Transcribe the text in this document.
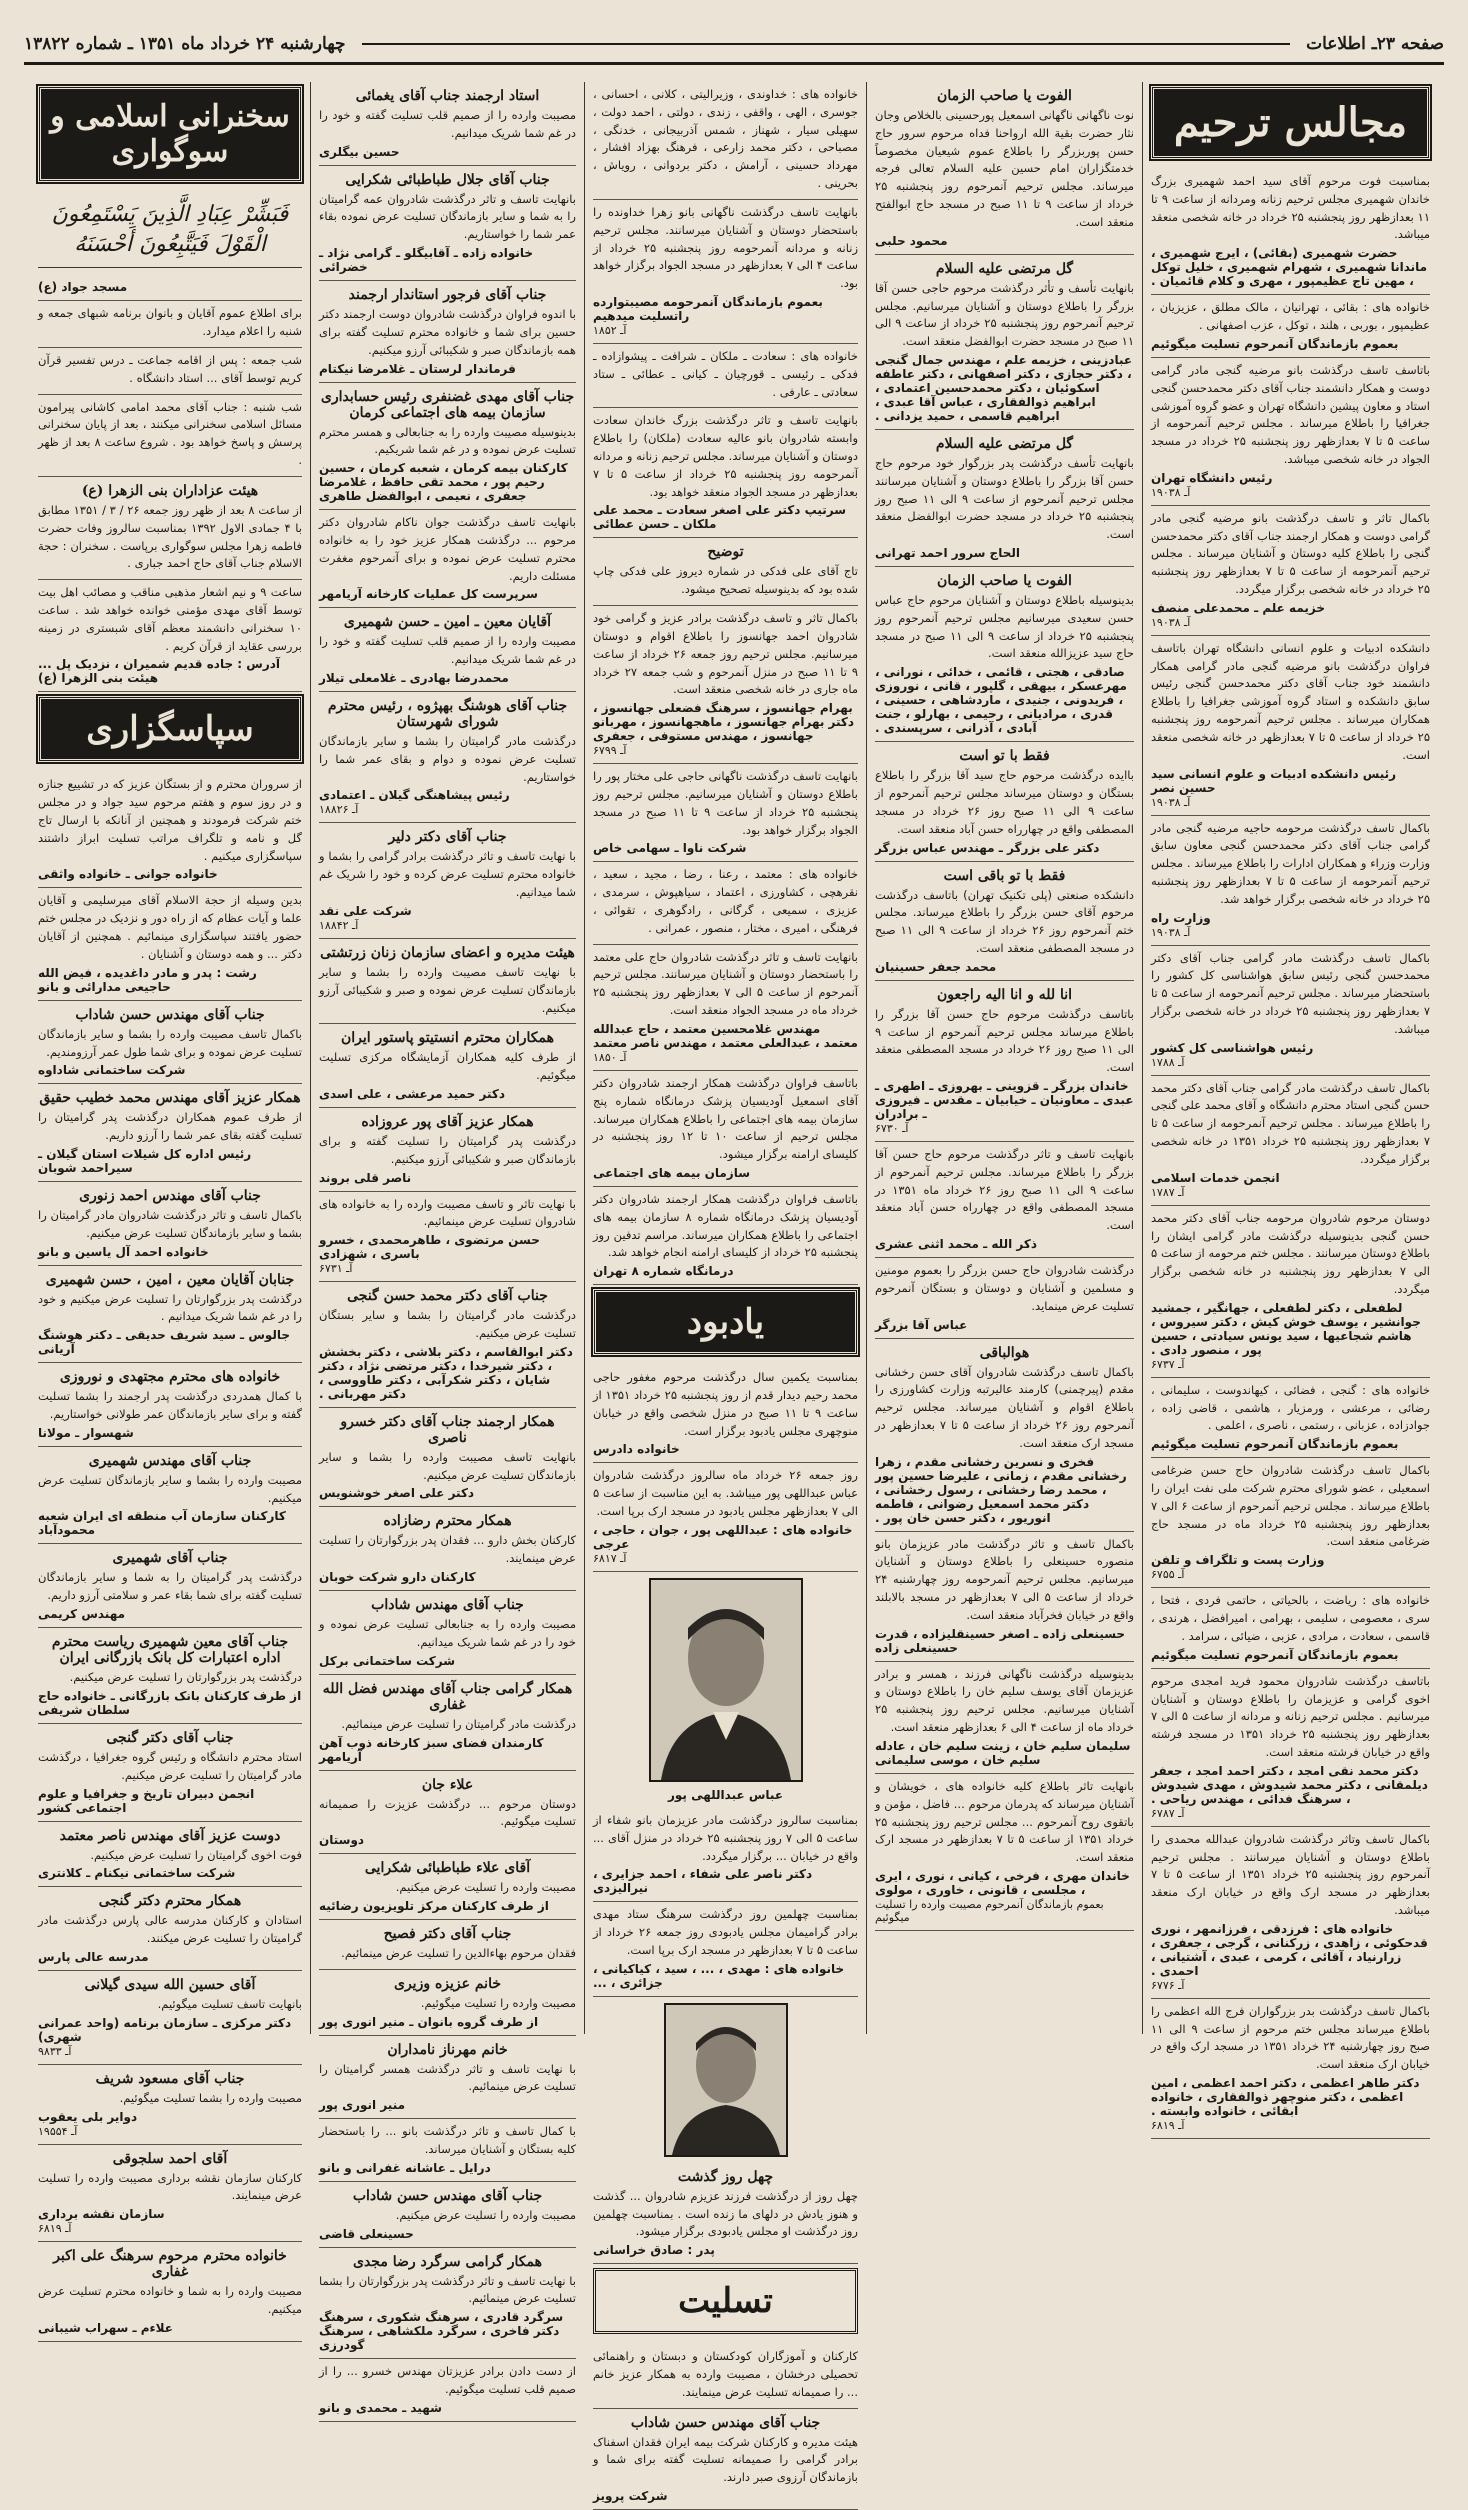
صفحه ۲۳ـ اطلاعات
چهارشنبه ۲۴ خرداد ماه ۱۳۵۱ ـ شماره ۱۳۸۲۲
مجالس ترحیم

بمناسبت فوت مرحوم آقای سید احمد شهمیری بزرگ خاندان شهمیری مجلس ترحیم زنانه ومردانه از ساعت ۹ تا ۱۱ بعدازظهر روز پنجشنبه ۲۵ خرداد در خانه شخصی منعقد میباشد.

حضرت شهمیری (بقائی) ، ایرج شهمیری ، ماندانا شهمیری ، شهرام شهمیری ، خلیل توکل ، مهین تاج عظیمپور ، مهری و کلام قائمیان .

خانواده های : بقائی ، تهرانیان ، مالک مطلق ، عزیزیان ، عظیمپور ، بوربی ، هلند ، توکل ، عزب اصفهانی .

بعموم بازماندگان آنمرحوم تسلیت میگوئیم

باتاسف تاسف درگذشت بانو مرضیه گنجی مادر گرامی دوست و همکار دانشمند جناب آقای دکتر محمدحسن گنجی استاد و معاون پیشین دانشگاه تهران و عضو گروه آموزشی جغرافیا را باطلاع میرساند . مجلس ترحیم آنمرحومه از ساعت ۵ تا ۷ بعدازظهر روز پنجشنبه ۲۵ خرداد در مسجد الجواد در خانه شخصی میباشد.

رئیس دانشگاه تهران
آـ ۱۹۰۳۸

باکمال تاثر و تاسف درگذشت بانو مرضیه گنجی مادر گرامی دوست و همکار ارجمند جناب آقای دکتر محمدحسن گنجی را باطلاع کلیه دوستان و آشنایان میرساند . مجلس ترحیم آنمرحومه از ساعت ۵ تا ۷ بعدازظهر روز پنجشنبه ۲۵ خرداد در خانه شخصی برگزار میگردد.

خزیمه علم ـ محمدعلی منصف
آـ ۱۹۰۳۸

دانشکده ادبیات و علوم انسانی دانشگاه تهران باتاسف فراوان درگذشت بانو مرضیه گنجی مادر گرامی همکار دانشمند خود جناب آقای دکتر محمدحسن گنجی رئیس سابق دانشکده و استاد گروه آموزشی جغرافیا را باطلاع همکاران میرساند . مجلس ترحیم آنمرحومه روز پنجشنبه ۲۵ خرداد از ساعت ۵ تا ۷ بعدازظهر در خانه شخصی منعقد است.

رئیس دانشکده ادبیات و علوم انسانی سید حسین نصر
آـ ۱۹۰۳۸

باکمال تاسف درگذشت مرحومه حاجیه مرضیه گنجی مادر گرامی جناب آقای دکتر محمدحسن گنجی معاون سابق وزارت وزراء و همکاران ادارات را باطلاع میرساند . مجلس ترحیم آنمرحومه از ساعت ۵ تا ۷ بعدازظهر روز پنجشنبه ۲۵ خرداد در خانه شخصی برگزار خواهد شد.

وزارت راه
آـ ۱۹۰۳۸

باکمال تاسف درگذشت مادر گرامی جناب آقای دکتر محمدحسن گنجی رئیس سابق هواشناسی کل کشور را باستحضار میرساند . مجلس ترحیم آنمرحومه از ساعت ۵ تا ۷ بعدازظهر روز پنجشنبه ۲۵ خرداد در خانه شخصی برگزار میباشد.

رئیس هواشناسی کل کشور
آـ ۱۷۸۸

باکمال تاسف درگذشت مادر گرامی جناب آقای دکتر محمد حسن گنجی استاد محترم دانشگاه و آقای محمد علی گنجی را باطلاع میرساند . مجلس ترحیم آنمرحومه از ساعت ۵ تا ۷ بعدازظهر روز پنجشنبه ۲۵ خرداد ۱۳۵۱ در خانه شخصی برگزار میگردد.

انجمن خدمات اسلامی
آـ ۱۷۸۷

دوستان مرحوم شادروان مرحومه جناب آقای دکتر محمد حسن گنجی بدینوسیله درگذشت مادر گرامی ایشان را باطلاع دوستان میرسانند . مجلس ختم مرحومه از ساعت ۵ الی ۷ بعدازظهر روز پنجشنبه در خانه شخصی برگزار میگردد.

لطفعلی ، دکتر لطفعلی ، جهانگیر ، جمشید جوانشیر ، یوسف خوش کیش ، دکتر سیروس ، هاشم شجاعیها ، سید یونس سیادتی ، حسین پور ، منصور دادی .
آـ ۶۷۳۷

خانواده های : گنجی ، فضائی ، کیهاندوست ، سلیمانی ، رضائی ، مرعشی ، ورمزیار ، هاشمی ، قاضی زاده ، جوادزاده ، عزبانی ، رستمی ، ناصری ، اعلمی .

بعموم بازماندگان آنمرحوم تسلیت میگوئیم

باکمال تاسف درگذشت شادروان حاج حسن ضرغامی اسمعیلی ، عضو شورای محترم شرکت ملی نفت ایران را باطلاع میرساند . مجلس ترحیم آنمرحوم از ساعت ۶ الی ۷ بعدازظهر روز پنجشنبه ۲۵ خرداد ماه در مسجد حاج ضرغامی منعقد است.

وزارت پست و تلگراف و تلفن
آـ ۶۷۵۵

خانواده های : ریاضت ، بالحیاتی ، حاتمی فردی ، فتحا ، سری ، معصومی ، سلیمی ، بهرامی ، امیرافضل ، هرندی ، قاسمی ، سعادت ، مرادی ، عزبی ، ضیائی ، سرامد .

بعموم بازماندگان آنمرحوم تسلیت میگوئیم

باتاسف درگذشت شادروان محمود فرید امجدی مرحوم اخوی گرامی و عزیزمان را باطلاع دوستان و آشنایان میرسانیم . مجلس ترحیم زنانه و مردانه از ساعت ۵ الی ۷ بعدازظهر روز پنجشنبه ۲۵ خرداد ۱۳۵۱ در مسجد فرشته واقع در خیابان فرشته منعقد است.

دکتر محمد نقی امجد ، دکتر احمد امجد ، جعفر دیلمقانی ، دکتر محمد شیدوش ، مهدی شیدوش ، سرهنگ فدائی ، مهندس ریاحی .
آـ ۶۷۸۷

باکمال تاسف وتاثر درگذشت شادروان عبدالله محمدی را باطلاع دوستان و آشنایان میرسانند . مجلس ترحیم آنمرحوم روز پنجشنبه ۲۵ خرداد ۱۳۵۱ از ساعت ۵ تا ۷ بعدازظهر در مسجد ارک واقع در خیابان ارک منعقد میباشد.

خانواده های : فرزدقی ، فرزانمهر ، نوری قدحکوئی ، زاهدی ، زرکنانی ، گرجی ، جعفری ، زرارنیاد ، آقائی ، کرمی ، عبدی ، آشتیانی ، احمدی .
آـ ۶۷۷۶

باکمال تاسف درگذشت بدر بزرگواران فرج الله اعظمی را باطلاع میرساند مجلس ختم مرحوم از ساعت ۹ الی ۱۱ صبح روز چهارشنبه ۲۴ خرداد ۱۳۵۱ در مسجد ارک واقع در خیابان ارک منعقد است.

دکتر طاهر اعظمی ، دکتر احمد اعظمی ، امین اعظمی ، دکتر منوچهر ذوالفقاری ، خانواده ابقائی ، خانواده وابسته .
آـ ۶۸۱۹
الفوت یا صاحب الزمان

نوت ناگهانی ناگهانی اسمعیل پورحسینی بالخلاص وجان نثار حضرت بقیة الله ارواحنا فداه مرحوم سرور حاج حسن پوربزرگر را باطلاع عموم شیعیان مخصوصاً خدمتگزاران امام حسین علیه السلام تعالی فرجه میرساند. مجلس ترحیم آنمرحوم روز پنجشنبه ۲۵ خرداد از ساعت ۹ تا ۱۱ صبح در مسجد حاج ابوالفتح منعقد است.

محمود حلبی
گل مرتضی علیه السلام

بانهایت تأسف و تأثر درگذشت مرحوم حاجی حسن آقا بزرگر را باطلاع دوستان و آشنایان میرسانیم. مجلس ترحیم آنمرحوم روز پنجشنبه ۲۵ خرداد از ساعت ۹ الی ۱۱ صبح در مسجد حضرت ابوالفضل منعقد است.

عبادزینی ، خزیمه علم ، مهندس جمال گنجی ، دکتر حجازی ، دکتر اصفهانی ، دکتر عاطفه اسکوئیان ، دکتر محمدحسین اعتمادی ، ابراهیم ذوالفقاری ، عباس آقا عبدی ، ابراهیم قاسمی ، حمید یزدانی .
گل مرتضی علیه السلام

بانهایت تأسف درگذشت پدر بزرگوار خود مرحوم حاج حسن آقا بزرگر را باطلاع دوستان و آشنایان میرسانند مجلس ترحیم آنمرحوم از ساعت ۹ الی ۱۱ صبح روز پنجشنبه ۲۵ خرداد در مسجد حضرت ابوالفضل منعقد است.

الحاج سرور احمد تهرانی
الفوت یا صاحب الزمان

بدینوسیله باطلاع دوستان و آشنایان مرحوم حاج عباس حسن سعیدی میرسانیم مجلس ترحیم آنمرحوم روز پنجشنبه ۲۵ خرداد از ساعت ۹ الی ۱۱ صبح در مسجد حاج سید عزیزالله منعقد است.

صادقی ، هجتی ، قائمی ، خدائی ، نورانی ، مهرعسکر ، بیهقی ، گلپور ، قانی ، نوروزی ، فریدونی ، جنیدی ، ماردشاهی ، حسینی ، قدری ، مرادیانی ، رحیمی ، بهارلو ، جنت آبادی ، آذرانی ، سرپسندی .
فقط با تو است

باایده درگذشت مرحوم حاج سید آقا بزرگر را باطلاع بستگان و دوستان میرساند مجلس ترحیم آنمرحوم از ساعت ۹ الی ۱۱ صبح روز ۲۶ خرداد در مسجد المصطفی واقع در چهارراه حسن آباد منعقد است.

دکتر علی بزرگر ـ مهندس عباس بزرگر
فقط با تو باقی است

دانشکده صنعتی (پلی تکنیک تهران) باتاسف درگذشت مرحوم آقای حسن بزرگر را باطلاع میرساند. مجلس ختم آنمرحوم روز ۲۶ خرداد از ساعت ۹ الی ۱۱ صبح در مسجد المصطفی منعقد است.

محمد جعفر حسینیان
انا لله و انا الیه راجعون

باتاسف درگذشت مرحوم حاج حسن آقا بزرگر را باطلاع میرساند مجلس ترحیم آنمرحوم از ساعت ۹ الی ۱۱ صبح روز ۲۶ خرداد در مسجد المصطفی منعقد است.

خاندان بزرگر ـ قزوینی ـ بهروزی ـ اطهری ـ عبدی ـ معاونیان ـ خیابیان ـ مقدس ـ فیروزی ـ برادران
آـ ۶۷۳۰

بانهایت تاسف و تاثر درگذشت مرحوم حاج حسن آقا بزرگر را باطلاع میرساند. مجلس ترحیم آنمرحوم از ساعت ۹ الی ۱۱ صبح روز ۲۶ خرداد ماه ۱۳۵۱ در مسجد المصطفی واقع در چهارراه حسن آباد منعقد است.

ذکر الله ـ محمد اثنی عشری

درگذشت شادروان حاج حسن بزرگر را بعموم مومنین و مسلمین و آشنایان و دوستان و بستگان آنمرحوم تسلیت عرض مینماید.

عباس آقا بزرگر
هوالباقی

باکمال تاسف درگذشت شادروان آقای حسن رخشانی مقدم (پیرچمنی) کارمند عالیرتبه وزارت کشاورزی را باطلاع اقوام و آشنایان میرساند. مجلس ترحیم آنمرحوم روز ۲۶ خرداد از ساعت ۵ تا ۷ بعدازظهر در مسجد ارک منعقد است.

فخری و نسرین رخشانی مقدم ، زهرا رخشانی مقدم ، زمانی ، علیرضا حسین پور ، محمد رضا رخشانی ، رسول رخشانی ، دکتر محمد اسمعیل رضوانی ، فاطمه انوریور ، دکتر حسن خان پور .

باکمال تاسف و تاثر درگذشت مادر عزیزمان بانو منصوره حسینعلی را باطلاع دوستان و آشنایان میرسانیم. مجلس ترحیم آنمرحومه روز چهارشنبه ۲۴ خرداد از ساعت ۵ الی ۷ بعدازظهر در مسجد بالابلند واقع در خیابان فخرآباد منعقد است.

حسینعلی زاده ـ اصغر حسینقلیزاده ، قدرت حسینعلی زاده

بدینوسیله درگذشت ناگهانی فرزند ، همسر و برادر عزیزمان آقای یوسف سلیم خان را باطلاع دوستان و آشنایان میرسانیم. مجلس ترحیم روز پنجشنبه ۲۵ خرداد ماه از ساعت ۴ الی ۶ بعدازظهر منعقد است.

سلیمان سلیم خان ، زینت سلیم خان ، عادله سلیم خان ، موسی سلیمانی

بانهایت تاثر باطلاع کلیه خانواده های ، خویشان و آشنایان میرساند که پدرمان مرحوم ... فاضل ، مؤمن و باتقوی روح آنمرحوم ... مجلس ترحیم روز پنجشنبه ۲۵ خرداد ۱۳۵۱ از ساعت ۵ تا ۷ بعدازظهر در مسجد ارک منعقد است.

خاندان مهری ، فرخی ، کیانی ، نوری ، ایری ، مجلسی ، قانونی ، خاوری ، مولوی
بعموم بازماندگان آنمرحوم مصیبت وارده را تسلیت میگوئیم

خانواده های : خداوندی ، وزیرالیتی ، کلانی ، احسانی ، جوسری ، الهی ، واقفی ، زندی ، دولتی ، احمد دولت ، سهیلی سیار ، شهناز ، شمس آذربیجانی ، خدنگی ، مصباحی ، دکتر محمد زارعی ، فرهنگ بهزاد افشار ، مهرداد حسینی ، آرامش ، دکتر بردوانی ، رویاش ، بحرینی .

بانهایت تاسف درگذشت ناگهانی بانو زهرا خداونده را باستحضار دوستان و آشنایان میرسانند. مجلس ترحیم زنانه و مردانه آنمرحومه روز پنجشنبه ۲۵ خرداد از ساعت ۴ الی ۷ بعدازظهر در مسجد الجواد برگزار خواهد بود.

بعموم بازماندگان آنمرحومه مصیبتوارده راتسلیت میدهیم
آـ ۱۸۵۲

خانواده های : سعادت ـ ملکان ـ شرافت ـ پیشوازاده ـ فدکی ـ رئیسی ـ قورچیان ـ کیانی ـ عطائی ـ ستاد سعادتی ـ عارفی .

بانهایت تاسف و تاثر درگذشت بزرگ خاندان سعادت وابسته شادروان بانو عالیه سعادت (ملکان) را باطلاع دوستان و آشنایان میرساند. مجلس ترحیم زنانه و مردانه آنمرحومه روز پنجشنبه ۲۵ خرداد از ساعت ۵ تا ۷ بعدازظهر در مسجد الجواد منعقد خواهد بود.

سرتیپ دکتر علی اصغر سعادت ـ محمد علی ملکان ـ حسن عطائی
توضیح

تاج آقای علی فدکی در شماره دیروز علی فدکی چاپ شده بود که بدینوسیله تصحیح میشود.

باکمال تاثر و تاسف درگذشت برادر عزیز و گرامی خود شادروان احمد جهانسوز را باطلاع اقوام و دوستان میرسانیم. مجلس ترحیم روز جمعه ۲۶ خرداد از ساعت ۹ تا ۱۱ صبح در منزل آنمرحوم و شب جمعه ۲۷ خرداد ماه جاری در خانه شخصی منعقد است.

بهرام جهانسوز ، سرهنگ فضعلی جهانسوز ، دکتر بهرام جهانسوز ، ماهجهانسوز ، مهربانو جهانسوز ، مهندس مستوفی ، جعفری
آـ ۶۷۹۹

بانهایت تاسف درگذشت ناگهانی حاجی علی مختار پور را باطلاع دوستان و آشنایان میرسانیم. مجلس ترحیم روز پنجشنبه ۲۵ خرداد از ساعت ۹ تا ۱۱ صبح در مسجد الجواد برگزار خواهد بود.

شرکت ناوا ـ سهامی خاص

خانواده های : معتمد ، رعنا ، رضا ، مجید ، سعید ، نقرهچی ، کشاورزی ، اعتماد ، سیاهپوش ، سرمدی ، عزیزی ، سمیعی ، گرگانی ، رادگوهری ، تقوائی ، فرهنگی ، امیری ، مختار ، منصور ، عمرانی .

بانهایت تاسف و تاثر درگذشت شادروان حاج علی معتمد را باستحضار دوستان و آشنایان میرسانند. مجلس ترحیم آنمرحوم از ساعت ۵ الی ۷ بعدازظهر روز پنجشنبه ۲۵ خرداد ماه در مسجد الجواد منعقد است.

مهندس غلامحسین معتمد ، حاج عبدالله معتمد ، عبدالعلی معتمد ، مهندس ناصر معتمد
آـ ۱۸۵۰

باتاسف فراوان درگذشت همکار ارجمند شادروان دکتر آقای اسمعیل آودیسیان پزشک درمانگاه شماره پنج سازمان بیمه های اجتماعی را باطلاع همکاران میرساند. مجلس ترحیم از ساعت ۱۰ تا ۱۲ روز پنجشنبه در کلیسای ارامنه برگزار میشود.

سازمان بیمه های اجتماعی

باتاسف فراوان درگذشت همکار ارجمند شادروان دکتر آودیسیان پزشک درمانگاه شماره ۸ سازمان بیمه های اجتماعی را باطلاع همکاران میرساند. مراسم تدفین روز پنجشنبه ۲۵ خرداد از کلیسای ارامنه انجام خواهد شد.

درمانگاه شماره ۸ تهران
یادبود

بمناسبت یکمین سال درگذشت مرحوم مغفور حاجی محمد رحیم دیدار قدم از روز پنجشنبه ۲۵ خرداد ۱۳۵۱ از ساعت ۹ تا ۱۱ صبح در منزل شخصی واقع در خیابان منوچهری مجلس یادبود برگزار است.

خانواده دادرس

روز جمعه ۲۶ خرداد ماه سالروز درگذشت شادروان عباس عبداللهی پور میباشد. به این مناسبت از ساعت ۵ الی ۷ بعدازظهر مجلس یادبود در مسجد ارک برپا است.

خانواده های : عبداللهی پور ، جوان ، حاجی ، عرجی
آـ ۶۸۱۷
عباس عبداللهی پور

بمناسبت سالروز درگذشت مادر عزیزمان بانو شفاء از ساعت ۵ الی ۷ روز پنجشنبه ۲۵ خرداد در منزل آقای ... واقع در خیابان ... برگزار میگردد.

دکتر ناصر علی شفاء ، احمد جزایری ، نیرالیزدی

بمناسبت چهلمین روز درگذشت سرهنگ ستاد مهدی برادر گرامیمان مجلس یادبودی روز جمعه ۲۶ خرداد از ساعت ۵ تا ۷ بعدازظهر در مسجد ارک برپا است.

خانواده های : مهدی ، ... ، سید ، کیاکیانی ، جزائری ، ...
چهل روز گذشت

چهل روز از درگذشت فرزند عزیزم شادروان ... گذشت و هنوز یادش در دلهای ما زنده است . بمناسبت چهلمین روز درگذشت او مجلس یادبودی برگزار میشود.

پدر : صادق خراسانی
تسلیت

کارکنان و آموزگاران کودکستان و دبستان و راهنمائی تحصیلی درخشان ، مصیبت وارده به همکار عزیز خانم ... را صمیمانه تسلیت عرض مینمایند.

جناب آقای مهندس حسن شاداب

هیئت مدیره و کارکنان شرکت بیمه ایران فقدان اسفناک برادر گرامی را صمیمانه تسلیت گفته برای شما و بازماندگان آرزوی صبر دارند.

شرکت پرویز
استاد ارجمند جناب آقای یغمائی

مصیبت وارده را از صمیم قلب تسلیت گفته و خود را در غم شما شریک میدانیم.

حسین بیگلری
جناب آقای جلال طباطبائی شکرایی

بانهایت تاسف و تاثر درگذشت شادروان عمه گرامیتان را به شما و سایر بازماندگان تسلیت عرض نموده بقاء عمر شما را خواستاریم.

خانواده زاده ـ آقابیگلو ـ گرامی نژاد ـ خضرائی
جناب آقای فرجور استاندار ارجمند

با اندوه فراوان درگذشت شادروان دوست ارجمند دکتر حسین برای شما و خانواده محترم تسلیت گفته برای همه بازماندگان صبر و شکیبائی آرزو میکنیم.

فرماندار لرستان ـ غلامرضا نیکتام
جناب آقای مهدی غضنفری رئیس حسابداری سازمان بیمه های اجتماعی کرمان

بدینوسیله مصیبت وارده را به جنابعالی و همسر محترم تسلیت عرض نموده و در غم شما شریکیم.

کارکنان بیمه کرمان ، شعبه کرمان ، حسین رحیم پور ، محمد تقی حافظ ، غلامرضا جعفری ، نعیمی ، ابوالفضل طاهری

بانهایت تاسف درگذشت جوان ناکام شادروان دکتر مرحوم ... درگذشت همکار عزیز خود را به خانواده محترم تسلیت عرض نموده و برای آنمرحوم مغفرت مسئلت داریم.

سرپرست کل عملیات کارخانه آریامهر
آقایان معین ـ امین ـ حسن شهمیری

مصیبت وارده را از صمیم قلب تسلیت گفته و خود را در غم شما شریک میدانیم.

محمدرضا بهادری ـ غلامعلی تیلار
جناب آقای هوشنگ بهپژوه ، رئیس محترم شورای شهرستان

درگذشت مادر گرامیتان را بشما و سایر بازماندگان تسلیت عرض نموده و دوام و بقای عمر شما را خواستاریم.

رئیس پیشاهنگی گیلان ـ اعتمادی
آـ ۱۸۸۲۶
جناب آقای دکتر دلیر

با نهایت تاسف و تاثر درگذشت برادر گرامی را بشما و خانواده محترم تسلیت عرض کرده و خود را شریک غم شما میدانیم.

شرکت علی نقد
آـ ۱۸۸۴۲
هیئت مدیره و اعضای سازمان زنان زرتشتی

با نهایت تاسف مصیبت وارده را بشما و سایر بازماندگان تسلیت عرض نموده و صبر و شکیبائی آرزو میکنیم.

همکاران محترم انستیتو پاستور ایران

از طرف کلیه همکاران آزمایشگاه مرکزی تسلیت میگوئیم.

دکتر حمید مرعشی ، علی اسدی
همکار عزیز آقای پور عروزاده

درگذشت پدر گرامیتان را تسلیت گفته و برای بازماندگان صبر و شکیبائی آرزو میکنیم.

ناصر قلی بروند

با نهایت تاثر و تاسف مصیبت وارده را به خانواده های شادروان تسلیت عرض مینمائیم.

حسن مرتضوی ، طاهرمحمدی ، خسرو باسری ، شهزادی
آـ ۶۷۳۱
جناب آقای دکتر محمد حسن گنجی

درگذشت مادر گرامیتان را بشما و سایر بستگان تسلیت عرض میکنیم.

دکتر ابوالقاسم ، دکتر بلاشی ، دکتر بخشش ، دکتر شیرخدا ، دکتر مرتضی نژاد ، دکتر شایان ، دکتر شکرآبی ، دکتر طاووسی ، دکتر مهربانی .
همکار ارجمند جناب آقای دکتر خسرو ناصری

بانهایت تاسف مصیبت وارده را بشما و سایر بازماندگان تسلیت عرض میکنیم.

دکتر علی اصغر خوشنویس
همکار محترم رضازاده

کارکنان بخش دارو ... فقدان پدر بزرگوارتان را تسلیت عرض مینمایند.

کارکنان دارو شرکت خوبان
جناب آقای مهندس شاداب

مصیبت وارده را به جنابعالی تسلیت عرض نموده و خود را در غم شما شریک میدانیم.

شرکت ساختمانی برکل
همکار گرامی جناب آقای مهندس فضل الله غفاری

درگذشت مادر گرامیتان را تسلیت عرض مینمائیم.

کارمندان فضای سبز کارخانه ذوب آهن آریامهر
علاء جان

دوستان مرحوم ... درگذشت عزیزت را صمیمانه تسلیت میگوئیم.

دوستان
آقای علاء طباطبائی شکرایی

مصیبت وارده را تسلیت عرض میکنیم.

از طرف کارکنان مرکز تلویزیون رضائیه
جناب آقای دکتر فصیح

فقدان مرحوم بهاءالدین را تسلیت عرض مینمائیم.

خانم عزیزه وزیری

مصیبت وارده را تسلیت میگوئیم.

از طرف گروه بانوان ـ منیر انوری پور
خانم مهرناز نامداران

با نهایت تاسف و تاثر درگذشت همسر گرامیتان را تسلیت عرض مینمائیم.

منیر انوری پور

با کمال تاسف و تاثر درگذشت بانو ... را باستحضار کلیه بستگان و آشنایان میرساند.

درایل ـ عاشانه غفرانی و بانو
جناب آقای مهندس حسن شاداب

مصیبت وارده را تسلیت عرض میکنیم.

حسینعلی قاضی
همکار گرامی سرگرد رضا مجدی

با نهایت تاسف و تاثر درگذشت پدر بزرگوارتان را بشما تسلیت عرض مینمائیم.

سرگرد قادری ، سرهنگ شکوری ، سرهنگ دکتر فاخری ، سرگرد ملکشاهی ، سرهنگ گودرزی

از دست دادن برادر عزیزتان مهندس خسرو ... را از صمیم قلب تسلیت میگوئیم.

شهید ـ محمدی و بانو
سخنرانی اسلامی و سوگواری
فَبَشِّرْ عِبَادِ الَّذِينَ يَسْتَمِعُونَ الْقَوْلَ فَيَتَّبِعُونَ أَحْسَنَهُ
مسجد جواد (ع)

برای اطلاع عموم آقایان و بانوان برنامه شبهای جمعه و شنبه را اعلام میدارد.

شب جمعه : پس از اقامه جماعت ـ درس تفسیر قرآن کریم توسط آقای ... استاد دانشگاه .

شب شنبه : جناب آقای محمد امامی کاشانی پیرامون مسائل اسلامی سخنرانی میکنند ، بعد از پایان سخنرانی پرسش و پاسخ خواهد بود . شروع ساعت ۸ بعد از ظهر .

هیئت عزاداران بنی الزهرا (ع)

از ساعت ۸ بعد از ظهر روز جمعه ۲۶ / ۳ / ۱۳۵۱ مطابق با ۴ جمادی الاول ۱۳۹۲ بمناسبت سالروز وفات حضرت فاطمه زهرا مجلس سوگواری برپاست . سخنران : حجة الاسلام جناب آقای حاج احمد جباری .

ساعت ۹ و نیم اشعار مذهبی مناقب و مصائب اهل بیت توسط آقای مهدی مؤمنی خوانده خواهد شد . ساعت ۱۰ سخنرانی دانشمند معظم آقای شبستری در زمینه بررسی عقاید از قرآن کریم .

آدرس : جاده قدیم شمیران ، نزدیک پل ... هیئت بنی الزهرا (ع)
سپاسگزاری

از سروران محترم و از بستگان عزیز که در تشییع جنازه و در روز سوم و هفتم مرحوم سید جواد و در مجلس ختم شرکت فرمودند و همچنین از آنانکه با ارسال تاج گل و نامه و تلگراف مراتب تسلیت ابراز داشتند سپاسگزاری میکنیم .

خانواده جوانی ـ خانواده واثقی

بدین وسیله از حجة الاسلام آقای میرسلیمی و آقایان علما و آیات عظام که از راه دور و نزدیک در مجلس ختم حضور یافتند سپاسگزاری مینمائیم . همچنین از آقایان دکتر ... و همه دوستان و آشنایان .

رشت : پدر و مادر داغدیده ، فیض الله حاجیعی مدارائی و بانو
جناب آقای مهندس حسن شاداب

باکمال تاسف مصیبت وارده را بشما و سایر بازماندگان تسلیت عرض نموده و برای شما طول عمر آرزومندیم.

شرکت ساختمانی شاداوه
همکار عزیز آقای مهندس محمد خطیب حقیق

از طرف عموم همکاران درگذشت پدر گرامیتان را تسلیت گفته بقای عمر شما را آرزو داریم.

رئیس اداره کل شیلات استان گیلان ـ سیراحمد شوبان
جناب آقای مهندس احمد زنوری

باکمال تاسف و تاثر درگذشت شادروان مادر گرامیتان را بشما و سایر بازماندگان تسلیت عرض میکنیم.

خانواده احمد آل یاسین و بانو
جنابان آقایان معین ، امین ، حسن شهمیری

درگذشت پدر بزرگوارتان را تسلیت عرض میکنیم و خود را در غم شما شریک میدانیم .

جالوس ـ سید شریف حدیقی ـ دکتر هوشنگ آریانی
خانواده های محترم مجتهدی و نوروزی

با کمال همدردی درگذشت پدر ارجمند را بشما تسلیت گفته و برای سایر بازماندگان عمر طولانی خواستاریم.

شهسوار ـ مولانا
جناب آقای مهندس شهمیری

مصیبت وارده را بشما و سایر بازماندگان تسلیت عرض میکنیم.

کارکنان سازمان آب منطقه ای ایران شعبه محمودآباد
جناب آقای شهمیری

درگذشت پدر گرامیتان را به شما و سایر بازماندگان تسلیت گفته برای شما بقاء عمر و سلامتی آرزو داریم.

مهندس کریمی
جناب آقای معین شهمیری ریاست محترم اداره اعتبارات کل بانک بازرگانی ایران

درگذشت پدر بزرگوارتان را تسلیت عرض میکنیم.

از طرف کارکنان بانک بازرگانی ـ خانواده حاج سلطان شریفی
جناب آقای دکتر گنجی

استاد محترم دانشگاه و رئیس گروه جغرافیا ، درگذشت مادر گرامیتان را تسلیت عرض میکنیم.

انجمن دبیران تاریخ و جغرافیا و علوم اجتماعی کشور
دوست عزیز آقای مهندس ناصر معتمد

فوت اخوی گرامیتان را تسلیت عرض میکنیم.

شرکت ساختمانی نیکنام ـ کلانتری
همکار محترم دکتر گنجی

استادان و کارکنان مدرسه عالی پارس درگذشت مادر گرامیتان را تسلیت عرض میکنند.

مدرسه عالی پارس
آقای حسین الله سیدی گیلانی

بانهایت تاسف تسلیت میگوئیم.

دکتر مرکزی ـ سازمان برنامه (واحد عمرانی شهری)
آـ ۹۸۳۳
جناب آقای مسعود شریف

مصیبت وارده را بشما تسلیت میگوئیم.

دوایر بلی یعقوب
آـ ۱۹۵۵۴
آقای احمد سلجوقی

کارکنان سازمان نقشه برداری مصیبت وارده را تسلیت عرض مینمایند.

سازمان نقشه برداری
آـ ۶۸۱۹
خانواده محترم مرحوم سرهنگ علی اکبر غفاری

مصیبت وارده را به شما و خانواده محترم تسلیت عرض میکنیم.

علاءم ـ سهراب شیبانی
